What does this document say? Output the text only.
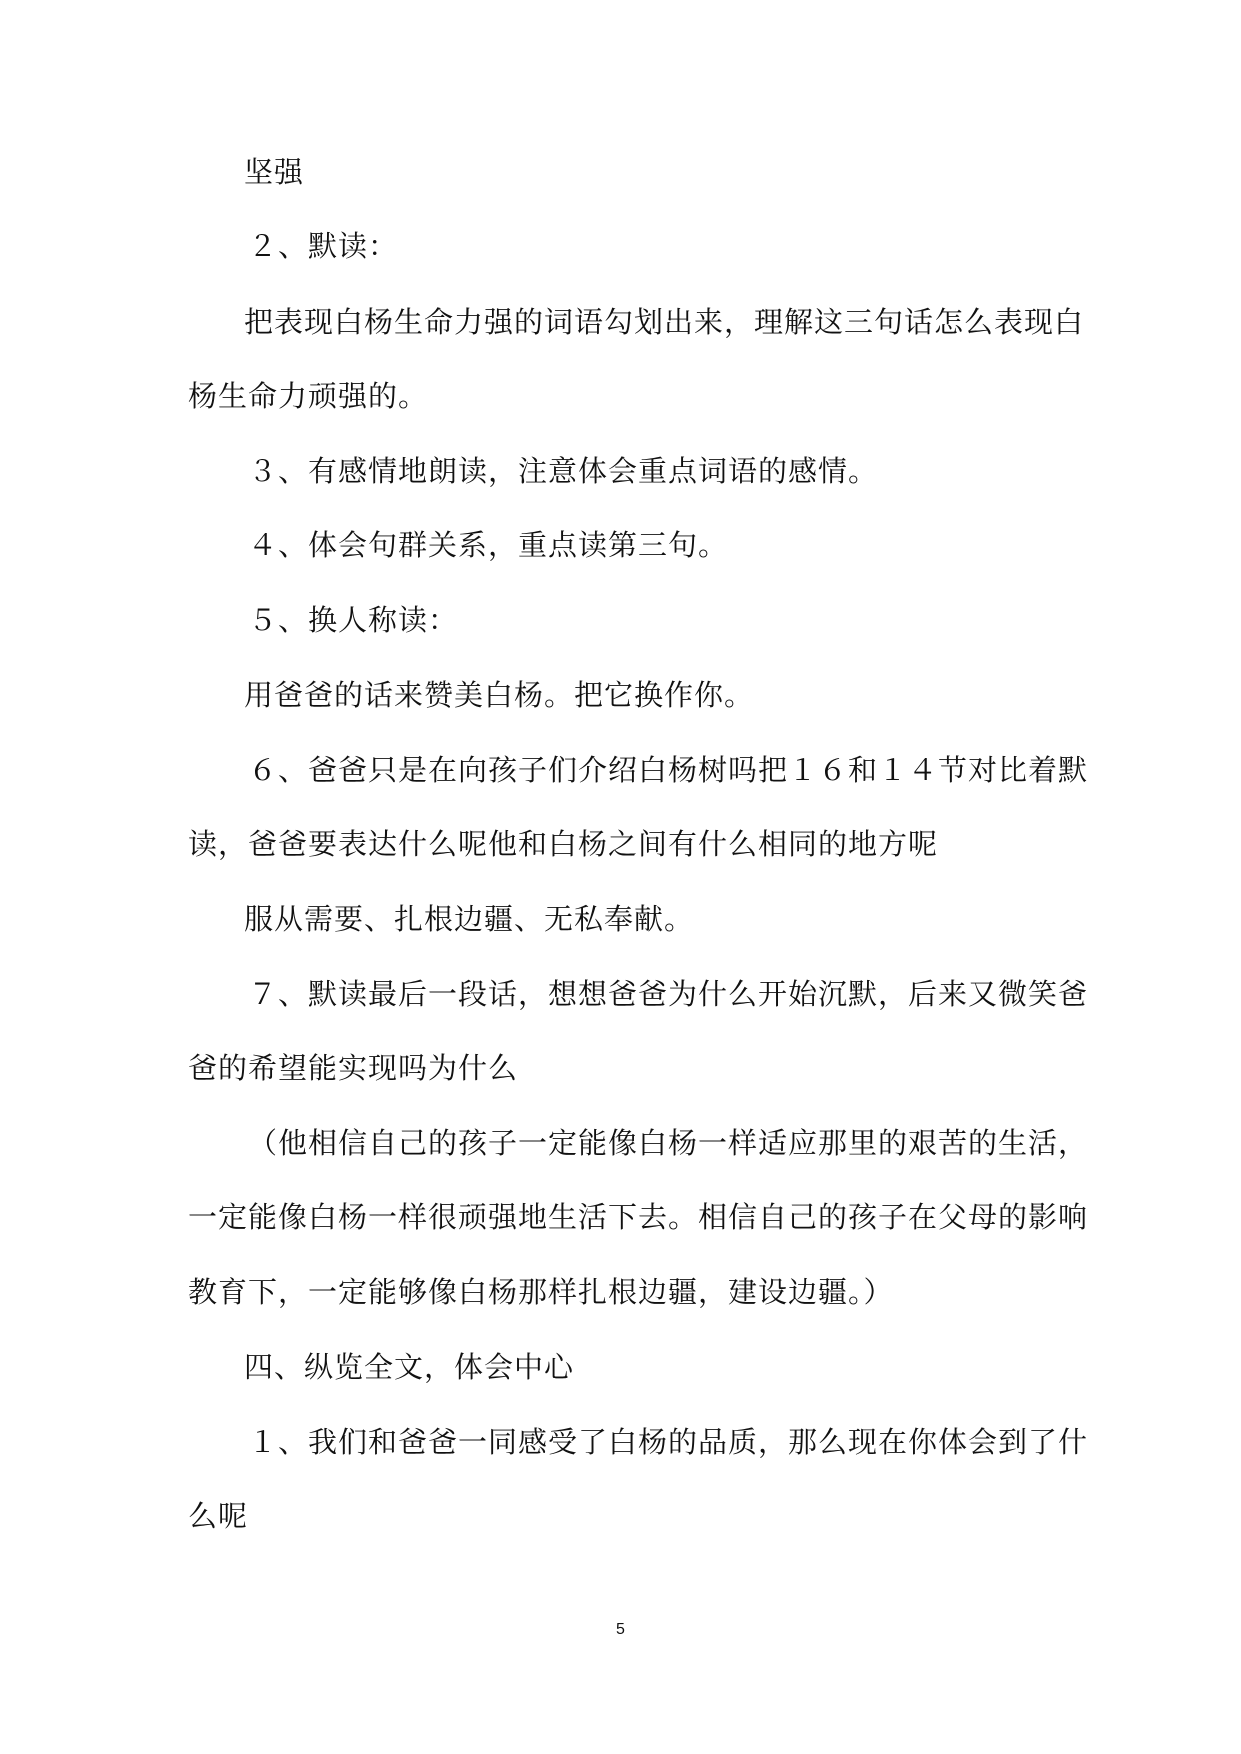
坚强
２、默读：
把表现白杨生命力强的词语勾划出来，理解这三句话怎么表现白
杨生命力顽强的。
３、有感情地朗读，注意体会重点词语的感情。
４、体会句群关系，重点读第三句。
５、换人称读：
用爸爸的话来赞美白杨。把它换作你。
６、爸爸只是在向孩子们介绍白杨树吗把１６和１４节对比着默
读，爸爸要表达什么呢他和白杨之间有什么相同的地方呢
服从需要、扎根边疆、无私奉献。
７、默读最后一段话，想想爸爸为什么开始沉默，后来又微笑爸
爸的希望能实现吗为什么
（他相信自己的孩子一定能像白杨一样适应那里的艰苦的生活，
一定能像白杨一样很顽强地生活下去。相信自己的孩子在父母的影响
教育下，一定能够像白杨那样扎根边疆，建设边疆。）
四、纵览全文，体会中心
１、我们和爸爸一同感受了白杨的品质，那么现在你体会到了什
么呢
5
